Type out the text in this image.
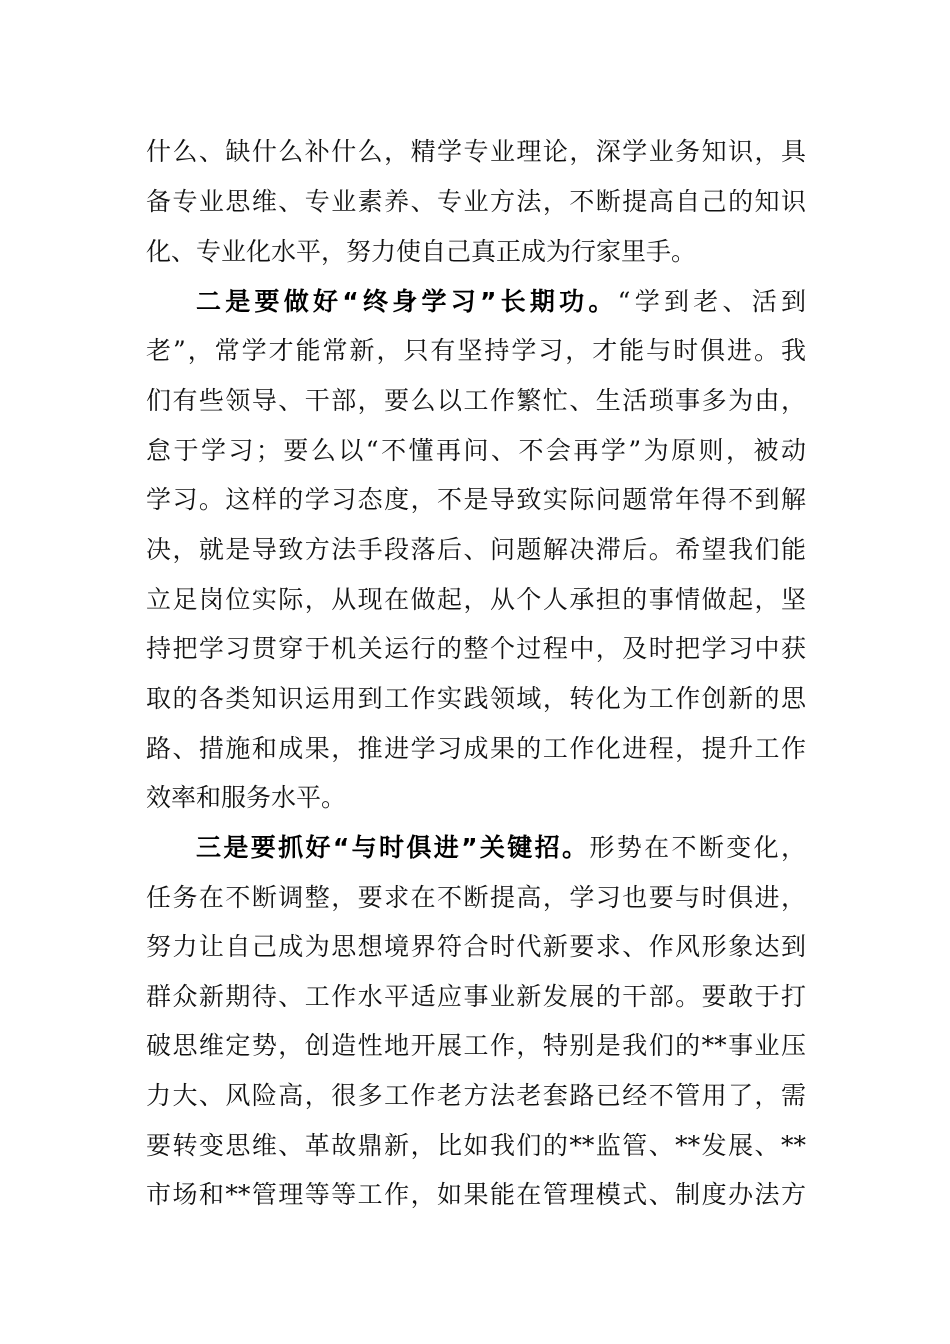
什么、缺什么补什么，精学专业理论，深学业务知识，具
备专业思维、专业素养、专业方法，不断提高自己的知识
化、专业化水平，努力使自己真正成为行家里手。
二是要做好“终身学习”长期功。“学到老、活到
老”，常学才能常新，只有坚持学习，才能与时俱进。我
们有些领导、干部，要么以工作繁忙、生活琐事多为由，
怠于学习；要么以“不懂再问、不会再学”为原则，被动
学习。这样的学习态度，不是导致实际问题常年得不到解
决，就是导致方法手段落后、问题解决滞后。希望我们能
立足岗位实际，从现在做起，从个人承担的事情做起，坚
持把学习贯穿于机关运行的整个过程中，及时把学习中获
取的各类知识运用到工作实践领域，转化为工作创新的思
路、措施和成果，推进学习成果的工作化进程，提升工作
效率和服务水平。
三是要抓好“与时俱进”关键招。形势在不断变化，
任务在不断调整，要求在不断提高，学习也要与时俱进，
努力让自己成为思想境界符合时代新要求、作风形象达到
群众新期待、工作水平适应事业新发展的干部。要敢于打
破思维定势，创造性地开展工作，特别是我们的**事业压
力大、风险高，很多工作老方法老套路已经不管用了，需
要转变思维、革故鼎新，比如我们的**监管、**发展、**
市场和**管理等等工作，如果能在管理模式、制度办法方
